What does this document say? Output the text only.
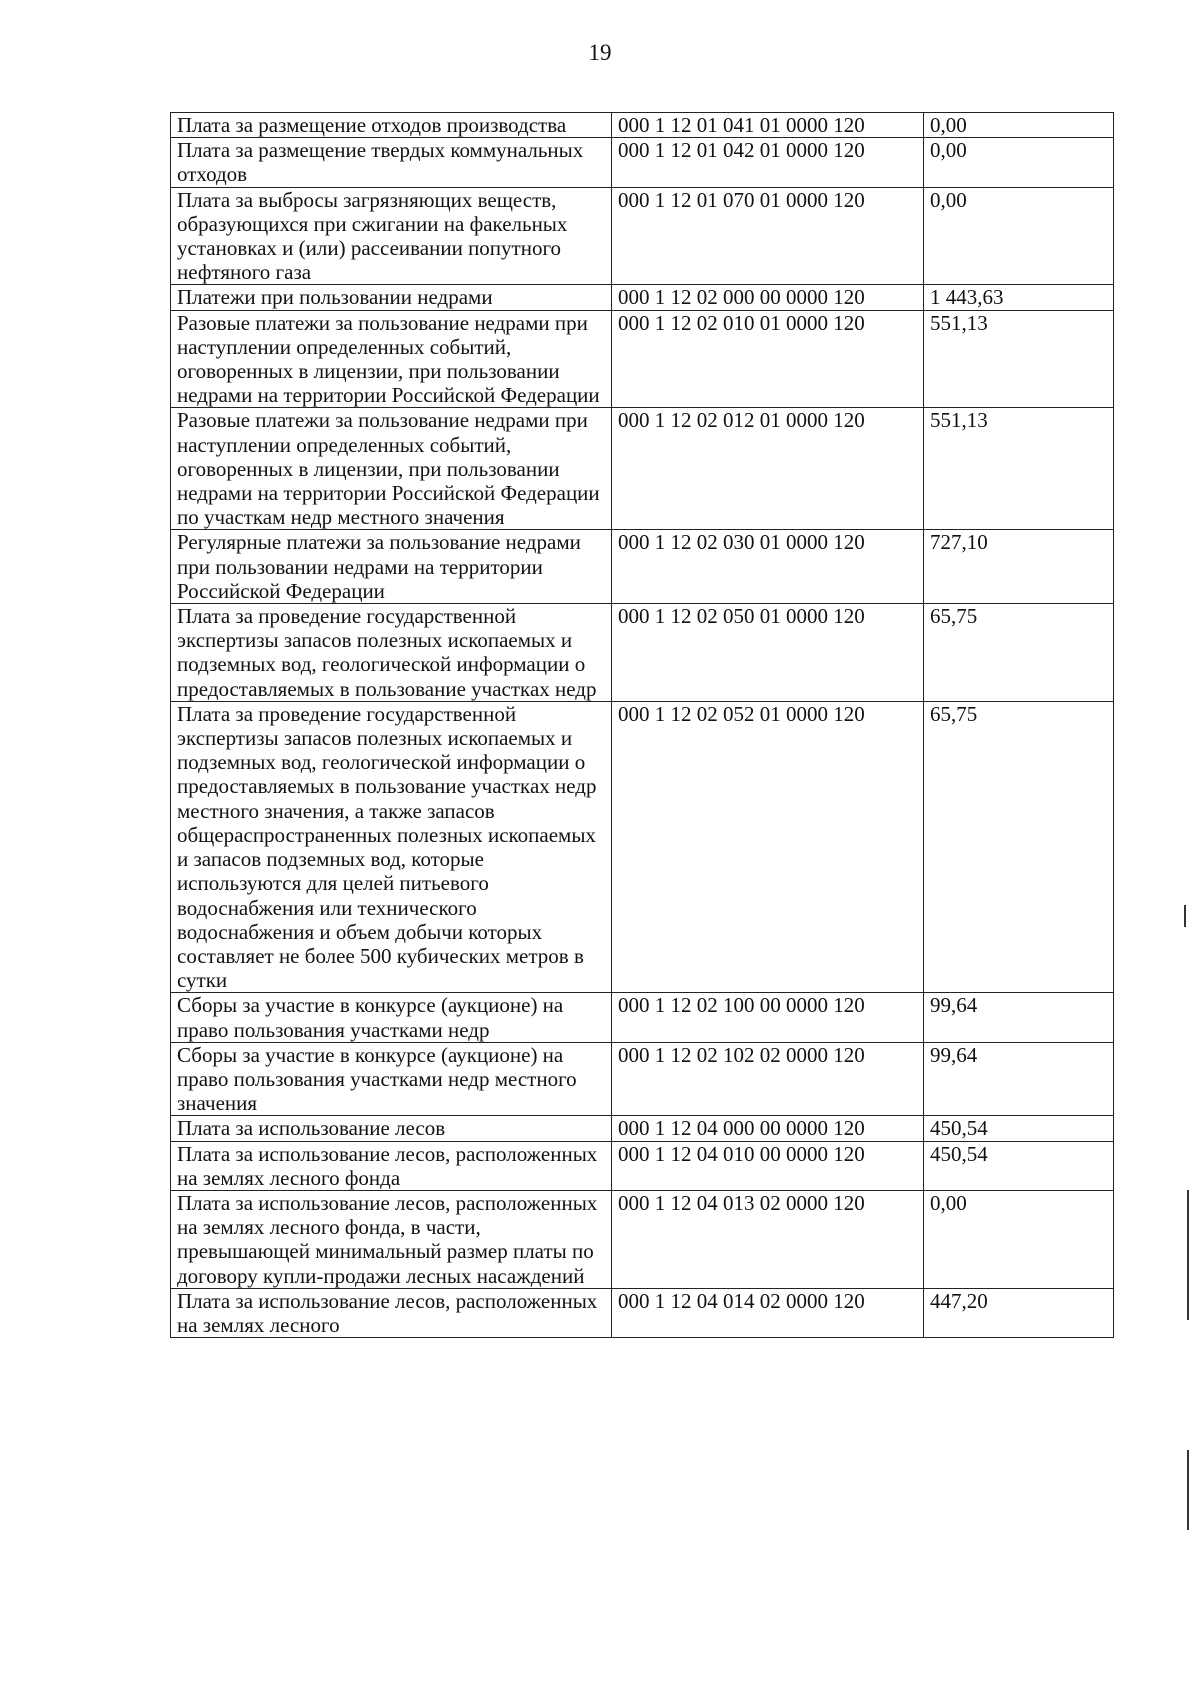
19
Плата за размещение отходов производства	000 1 12 01 041 01 0000 120	0,00
Плата за размещение твердых коммунальных отходов	000 1 12 01 042 01 0000 120	0,00
Плата за выбросы загрязняющих веществ, образующихся при сжигании на факельных установках и (или) рассеивании попутного нефтяного газа	000 1 12 01 070 01 0000 120	0,00
Платежи при пользовании недрами	000 1 12 02 000 00 0000 120	1 443,63
Разовые платежи за пользование недрами при наступлении определенных событий, оговоренных в лицензии, при пользовании недрами на территории Российской Федерации	000 1 12 02 010 01 0000 120	551,13
Разовые платежи за пользование недрами при наступлении определенных событий, оговоренных в лицензии, при пользовании недрами на территории Российской Федерации по участкам недр местного значения	000 1 12 02 012 01 0000 120	551,13
Регулярные платежи за пользование недрами при пользовании недрами на территории Российской Федерации	000 1 12 02 030 01 0000 120	727,10
Плата за проведение государственной экспертизы запасов полезных ископаемых и подземных вод, геологической информации о предоставляемых в пользование участках недр	000 1 12 02 050 01 0000 120	65,75
Плата за проведение государственной экспертизы запасов полезных ископаемых и подземных вод, геологической информации о предоставляемых в пользование участках недр местного значения, а также запасов общераспространенных полезных ископаемых и запасов подземных вод, которые используются для целей питьевого водоснабжения или технического водоснабжения и объем добычи которых составляет не более 500 кубических метров в сутки	000 1 12 02 052 01 0000 120	65,75
Сборы за участие в конкурсе (аукционе) на право пользования участками недр	000 1 12 02 100 00 0000 120	99,64
Сборы за участие в конкурсе (аукционе) на право пользования участками недр местного значения	000 1 12 02 102 02 0000 120	99,64
Плата за использование лесов	000 1 12 04 000 00 0000 120	450,54
Плата за использование лесов, расположенных на землях лесного фонда	000 1 12 04 010 00 0000 120	450,54
Плата за использование лесов, расположенных на землях лесного фонда, в части, превышающей минимальный размер платы по договору купли-продажи лесных насаждений	000 1 12 04 013 02 0000 120	0,00
Плата за использование лесов, расположенных на землях лесного	000 1 12 04 014 02 0000 120	447,20
